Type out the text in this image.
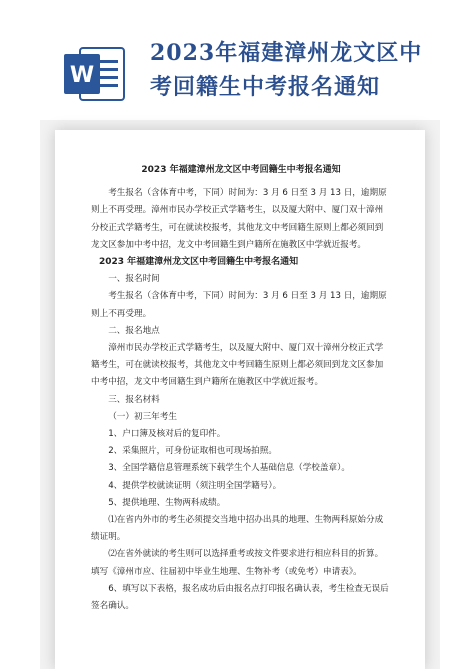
W
2023年福建漳州龙文区中
考回籍生中考报名通知

2023 年福建漳州龙文区中考回籍生中考报名通知

考生报名（含体育中考，下同）时间为：3 月 6 日至 3 月 13 日，逾期原则上不再受理。漳州市民办学校正式学籍考生，以及厦大附中、厦门双十漳州分校正式学籍考生，可在就读校报考，其他龙文中考回籍生原则上都必须回到龙文区参加中考中招，龙文中考回籍生到户籍所在施教区中学就近报考。

2023 年福建漳州龙文区中考回籍生中考报名通知

一、报名时间

考生报名（含体育中考，下同）时间为：3 月 6 日至 3 月 13 日，逾期原则上不再受理。

二、报名地点

漳州市民办学校正式学籍考生，以及厦大附中、厦门双十漳州分校正式学籍考生，可在就读校报考，其他龙文中考回籍生原则上都必须回到龙文区参加中考中招，龙文中考回籍生到户籍所在施教区中学就近报考。

三、报名材料

（一）初三年考生

1、户口簿及核对后的复印件。

2、采集照片，可身份证取相也可现场拍照。

3、全国学籍信息管理系统下载学生个人基础信息（学校盖章）。

4、提供学校就读证明（须注明全国学籍号）。

5、提供地理、生物两科成绩。

⑴在省内外市的考生必须提交当地中招办出具的地理、生物两科原始分成绩证明。

⑵在省外就读的考生则可以选择重考或按文件要求进行相应科目的折算。填写《漳州市应、往届初中毕业生地理、生物补考（或免考）申请表》。

6、填写以下表格，报名成功后由报名点打印报名确认表，考生检查无误后签名确认。
